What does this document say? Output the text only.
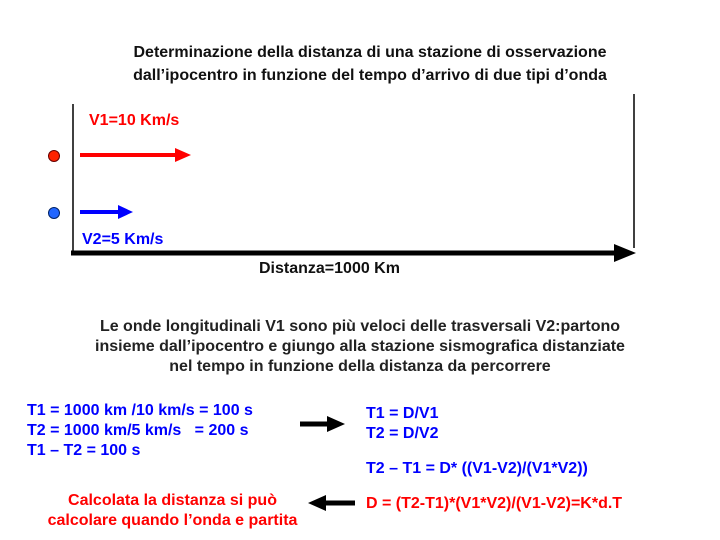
Determinazione della distanza di una stazione di osservazione
dall’ipocentro in funzione del tempo d’arrivo di due tipi d’onda
V1=10 Km/s
V2=5 Km/s
Distanza=1000 Km
Le onde longitudinali V1 sono più veloci delle trasversali V2:partono
insieme dall’ipocentro e giungo alla stazione sismografica distanziate
nel tempo in funzione della distanza da percorrere
T1 = 1000 km /10 km/s = 100 s
T2 = 1000 km/5 km/s   = 200 s
T1 – T2 = 100 s
T1 = D/V1
T2 = D/V2
T2 – T1 = D* ((V1-V2)/(V1*V2))
Calcolata la distanza si può
calcolare quando l’onda e partita
D = (T2-T1)*(V1*V2)/(V1-V2)=K*d.T
